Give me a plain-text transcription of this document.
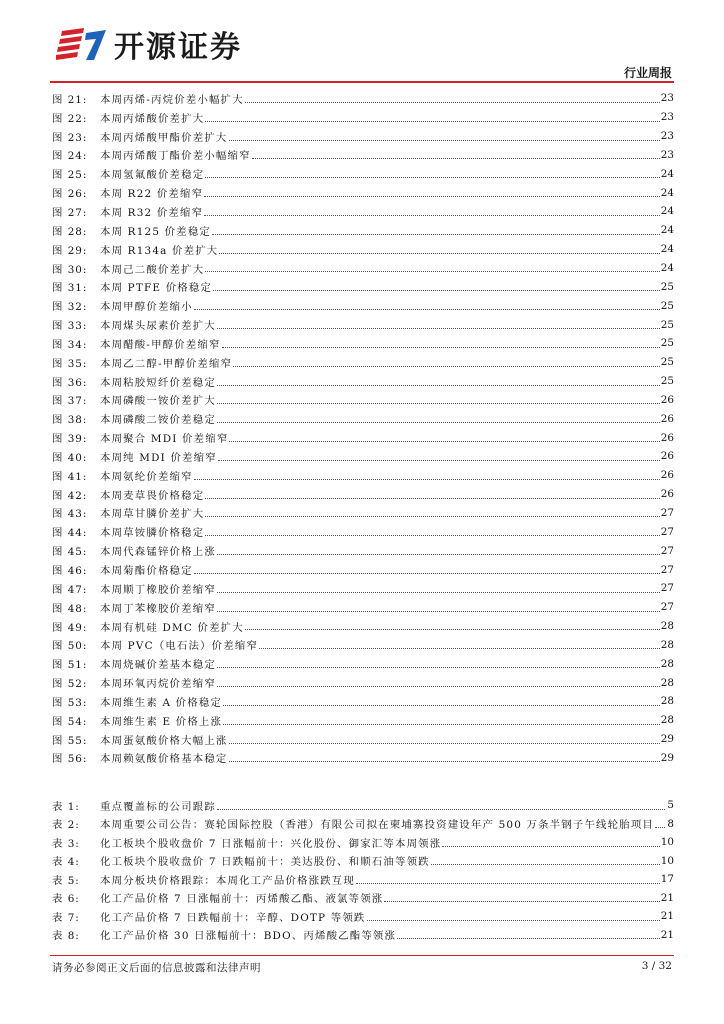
开源证券
行业周报
图 21:	本周丙烯-丙烷价差小幅扩大	23
图 22:	本周丙烯酸价差扩大	23
图 23:	本周丙烯酸甲酯价差扩大	23
图 24:	本周丙烯酸丁酯价差小幅缩窄	23
图 25:	本周氢氟酸价差稳定	24
图 26:	本周 R22 价差缩窄	24
图 27:	本周 R32 价差缩窄	24
图 28:	本周 R125 价差稳定	24
图 29:	本周 R134a 价差扩大	24
图 30:	本周己二酸价差扩大	24
图 31:	本周 PTFE 价格稳定	25
图 32:	本周甲醇价差缩小	25
图 33:	本周煤头尿素价差扩大	25
图 34:	本周醋酸-甲醇价差缩窄	25
图 35:	本周乙二醇-甲醇价差缩窄	25
图 36:	本周粘胶短纤价差稳定	25
图 37:	本周磷酸一铵价差扩大	26
图 38:	本周磷酸二铵价差稳定	26
图 39:	本周聚合 MDI 价差缩窄	26
图 40:	本周纯 MDI 价差缩窄	26
图 41:	本周氨纶价差缩窄	26
图 42:	本周麦草畏价格稳定	26
图 43:	本周草甘膦价差扩大	27
图 44:	本周草铵膦价格稳定	27
图 45:	本周代森锰锌价格上涨	27
图 46:	本周菊酯价格稳定	27
图 47:	本周顺丁橡胶价差缩窄	27
图 48:	本周丁苯橡胶价差缩窄	27
图 49:	本周有机硅 DMC 价差扩大	28
图 50:	本周 PVC（电石法）价差缩窄	28
图 51:	本周烧碱价差基本稳定	28
图 52:	本周环氧丙烷价差缩窄	28
图 53:	本周维生素 A 价格稳定	28
图 54:	本周维生素 E 价格上涨	28
图 55:	本周蛋氨酸价格大幅上涨	29
图 56:	本周赖氨酸价格基本稳定	29
表 1:	重点覆盖标的公司跟踪	5
表 2:	本周重要公司公告：赛轮国际控股（香港）有限公司拟在柬埔寨投资建设年产 500 万条半钢子午线轮胎项目 8
表 3:	化工板块个股收盘价 7 日涨幅前十：兴化股份、御家汇等本周领涨	10
表 4:	化工板块个股收盘价 7 日跌幅前十：美达股份、和顺石油等领跌	10
表 5:	本周分板块价格跟踪：本周化工产品价格涨跌互现	17
表 6:	化工产品价格 7 日涨幅前十：丙烯酸乙酯、液氯等领涨	21
表 7:	化工产品价格 7 日跌幅前十：辛醇、DOTP 等领跌	21
表 8:	化工产品价格 30 日涨幅前十：BDO、丙烯酸乙酯等领涨	21
请务必参阅正文后面的信息披露和法律声明	3 / 32
